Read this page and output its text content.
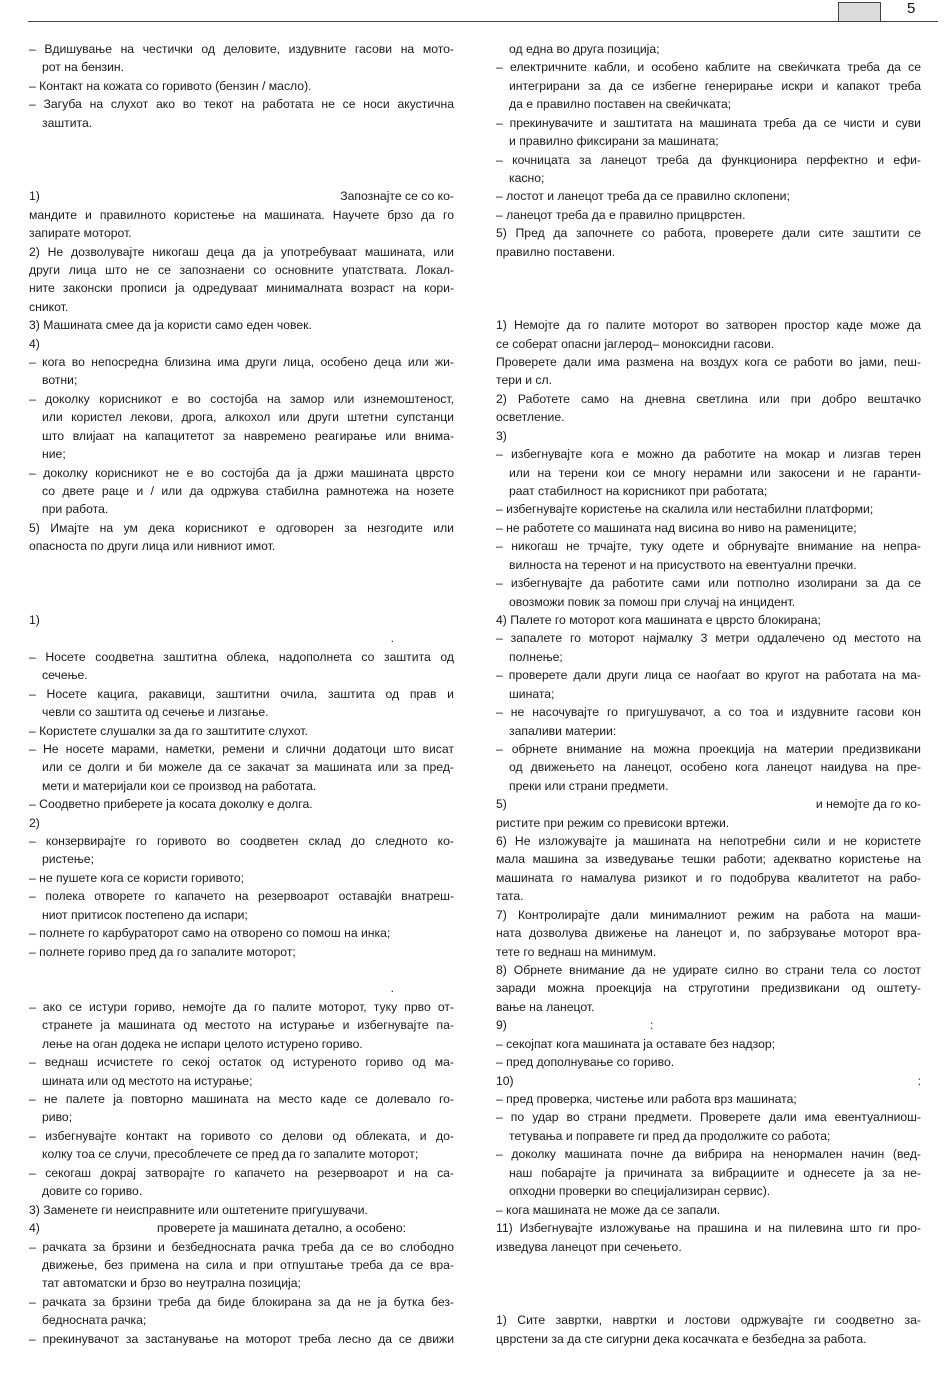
5
– Вдишување на честички од деловите, издувните гасови на мото-
рот на бензин.
– Контакт на кожата со горивото (бензин / масло).
– Загуба на слухот ако во текот на работата не се носи акустична
заштита.
1)	Запознајте се со ко-
мандите и правилното користење на машината. Научете брзо да го
запирате моторот.
2) Не дозволувајте никогаш деца да ја употребуваат машината, или
други лица што не се запознаени со основните упатствата. Локал-
ните законски прописи ја одредуваат минималната возраст на кори-
сникот.
3) Машината смее да ја користи само еден човек.
4)
– кога во непосредна близина има други лица, особено деца или жи-
вотни;
– доколку корисникот е во состојба на замор или изнемоштеност,
или користел лекови, дрога, алкохол или други штетни супстанци
што влијаат на капацитетот за навремено реагирање или внима-
ние;
– доколку корисникот не е во состојба да ја држи машината цврсто
со двете раце и / или да одржува стабилна рамнотежа на нозете
при работа.
5) Имајте на ум дека корисникот е одговорен за незгодите или
опасноста по други лица или нивниот имот.
1)
.
– Носете соодветна заштитна облека, надополнета со заштита од
сечење.
– Носете кацига, ракавици, заштитни очила, заштита од прав и
чевли со заштита од сечење и лизгање.
– Користете слушалки за да го заштитите слухот.
– Не носете марами, наметки, ремени и слични додатоци што висат
или се долги и би можеле да се закачат за машината или за пред-
мети и материјали кои се производ на работата.
– Соодветно приберете ја косата доколку е долга.
2)
– конзервирајте го горивото во соодветен склад до следното ко-
ристење;
– не пушете кога се користи горивото;
– полека отворете го капачето на резервоарот оставајќи внатреш-
ниот притисок постепено да испари;
– полнете го карбураторот само на отворено со помош на инка;
– полнете гориво пред да го запалите моторот;
.
– ако се истури гориво, немојте да го палите моторот, туку прво от-
странете ја машината од местото на истурање и избегнувајте па-
лење на оган додека не испари целото истурено гориво.
– веднаш исчистете го секој остаток од истуреното гориво од ма-
шината или од местото на истурање;
– не палете ја повторно машината на место каде се долевало го-
риво;
– избегнувајте контакт на горивото со делови од облеката, и до-
колку тоа се случи, пресоблечете се пред да го запалите моторот;
– секогаш докрај затворајте го капачето на резервоарот и на са-
довите со гориво.
3) Заменете ги неисправните или оштетените пригушувачи.
4)	проверете ја машината детално, а особено:
– рачката за брзини и безбедносната рачка треба да се во слободно
движење, без примена на сила и при отпуштање треба да се вра-
тат автоматски и брзо во неутрална позиција;
– рачката за брзини треба да биде блокирана за да не ја бутка без-
бедносната рачка;
– прекинувачот за застанување на моторот треба лесно да се движи
од една во друга позиција;
– електричните кабли, и особено каблите на свеќичката треба да се
интегрирани за да се избегне генерирање искри и капакот треба
да е правилно поставен на свеќичката;
– прекинувачите и заштитата на машината треба да се чисти и суви
и правилно фиксирани за машината;
– кочницата за ланецот треба да функционира перфектно и ефи-
касно;
– лостот и ланецот треба да се правилно склопени;
– ланецот треба да е правилно прицврстен.
5) Пред да започнете со работа, проверете дали сите заштити се
правилно поставени.
1) Немојте да го палите моторот во затворен простор каде може да
се соберат опасни јаглерод– моноксидни гасови.
Проверете дали има размена на воздух кога се работи во јами, пеш-
тери и сл.
2) Работете само на дневна светлина или при добро вештачко
осветление.
3)
– избегнувајте кога е можно да работите на мокар и лизгав терен
или на терени кои се многу нерамни или закосени и не гаранти-
раат стабилност на корисникот при работата;
– избегнувајте користење на скалила или нестабилни платформи;
– не работете со машината над висина во ниво на рамениците;
– никогаш не трчајте, туку одете и обрнувајте внимание на непра-
вилноста на теренот и на присуството на евентуални пречки.
– избегнувајте да работите сами или потполно изолирани за да се
овозможи повик за помош при случај на инцидент.
4) Палете го моторот кога машината е цврсто блокирана;
– запалете го моторот најмалку 3 метри оддалечено од местото на
полнење;
– проверете дали други лица се наоѓаат во кругот на работата на ма-
шината;
– не насочувајте го пригушувачот, а со тоа и издувните гасови кон
запаливи материи:
– обрнете внимание на можна проекција на материи предизвикани
од движењето на ланецот, особено кога ланецот наидува на пре-
преки или страни предмети.
5)	и немојте да го ко-
ристите при режим со превисоки вртежи.
6) Не изложувајте ја машината на непотребни сили и не користете
мала машина за изведување тешки работи; адекватно користење на
машината го намалува ризикот и го подобрува квалитетот на рабо-
тата.
7) Контролирајте дали минималниот режим на работа на маши-
ната дозволува движење на ланецот и, по забрзување моторот вра-
тете го веднаш на минимум.
8) Обрнете внимание да не удирате силно во страни тела со лостот
заради можна проекција на струготини предизвикани од оштету-
вање на ланецот.
9)	:
– секојпат кога машината ја оставате без надзор;
– пред дополнување со гориво.
10)	:
– пред проверка, чистење или работа врз машината;
– по удар во страни предмети. Проверете дали има евентуалниош-
тетувања и поправете ги пред да продолжите со работа;
– доколку машината почне да вибрира на ненормален начин (вед-
наш побарајте ја причината за вибрациите и однесете ја за не-
опходни проверки во специјализиран сервис).
– кога машината не може да се запали.
11) Избегнувајте изложување на прашина и на пилевина што ги про-
изведува ланецот при сечењето.
1) Сите завртки, навртки и лостови одржувајте ги соодветно за-
цврстени за да сте сигурни дека косачката е безбедна за работа.
